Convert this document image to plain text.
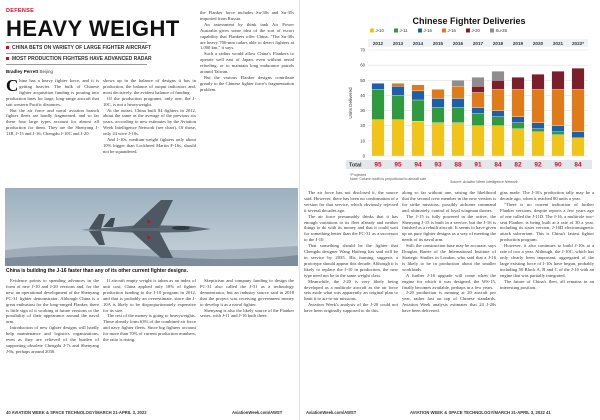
DEFENSE
HEAVY WEIGHT
CHINA BETS ON VARIETY OF LARGE FIGHTER AIRCRAFT
MOST PRODUCTION FIGHTERS HAVE ADVANCED RADAR
Bradley Perrett Beijing
C hina has a heavy fighter force, and it is getting heavier. The bulk of Chinese fighter acquisition funding is pouring into production lines for large, long-range aircraft that suit western Pacific distances.

But the air force and naval aviation branch fighter fleets are hardly fragmented, and so far these four large types account for almost all production for them. They are the Shenyang J-11B, J-15 and J-16; Chengdu J-10C and J-20.

shows up in the balance of designs it has in production, the balance of output indicators and, most decisively, the evident balance of funding.

Of the production programs, only one, the J-10C, is not a heavyweight.

At the outset, China built 84 fighters in 2012, about the same as the average of the previous six years, according to new estimates by the Aviation Week Intelligence Network (see chart). Of those, only 24 were J-10s.

And J-10s, medium-weight fighters only about 10% bigger than Lockheed Martin F-16s, should not be squandered.

the Flanker force includes Su-30s and Su-35s imported from Russia.

An assessment by think tank Air Power Australia gives some idea of the sort of escort capability that Flankers offer China. "The Su-30s are heavy 700-mm radars able to detect fighters at 1,000 km," it says.

Such a radius would allow China's Flankers to operate well east of Japan, even without aerial refueling, or to maintain long endurance patrols around Taiwan.

But the various Flanker designs contribute greatly to the Chinese fighter force's fragmentation problem.

China is building the J-16 faster than any of its other current fighter designs.

Evidence points to spending advances in the form of new J-10 and J-20 versions and, for the new, an operational development of the Shenyang FC-31 fighter demonstrator. Although China is a great enthusiast for the long-ranged Flanker, there is little sign of it working at future versions or the possibility of their appearance around the naval arm.

Introduction of new fighter designs will hardly help maintenance and logistics organizations, even as they are relieved of the burden of supporting obsolete Chengdu J-7s and Shenyang J-8s, perhaps around 2030.

If aircraft empty weight is taken as an index of unit cost, China applied only 18% of fighter production funding to the J-10 program in 2012, and that is probably an overestimate, since the J-10A is likely to be disproportionately expensive for its size.

The rest of the money is going to heavyweights. These already form 63% of the combined air force and navy fighter fleets. Since big fighters account for more than 70% of current production numbers, the ratio is rising.

Skepticism and company funding to design the FC-31 also called the J-31 as a technology demonstrator, but an industry source said in 2018 that the project was receiving government money to develop it as a naval fighter.

Shenyang is also the likely source of the Flanker series, with J-11 and J-16 built there.

Chinese Fighter Deliveries
2012 2013 2014 2015 2016 2017 2018 2019 2020 2021 2022*
J-10	J-11	J-15	J-16	J-20	Su-35
0
10
20
30
40
50
60
70
Units Delivered
Total 95 95 94 93 88 91 84 82 92 90 84
*Projected
Note: Column width is proportional to aircraft size
Source: Aviation Week Intelligence Network

The air force has not disclosed it, the source said. However, there has been no confirmation of a version for that service, which obviously rejected it several decades ago.

The air force presumably thinks that it has enough variations to its fleet already and neither things to do with its money and that it could wait for something better than the FC-31 as a successor to the J-10.

That something should be the fighter that Chengdu designer Wang Haifeng has said will be in service by 2035. His framing suggests a prototype should appear this decade. Although it is likely to replace the J-10 in production, the new type need not be in the same weight class.

Meanwhile, the J-20 is very likely being developed as a multirole aircraft as the air force sets aside what was apparently an original plan to limit it to air-to-air missions.

Aviation Week's analysis of the J-20 could not have been originally supposed to do this.

along so far without one, raising the likelihood that the second crew member in the new version is for strike missions, possibly airborne command and, ultimately, control of loyal wingman drones.

The J-15 is fully powered in the active, the Shenyang J-15 is built in a service, but the J-16 is finished as a rebuilt aircraft. It seems to have given up on pure fighter designs as a way of meeting the needs of its naval arm.

Still, the construction base may be accurate, says Douglas Barrie of the International Institute of Strategic Studies in London, who said that a J-16 is likely to be in production about the smaller workloads.

A further J-16 upgrade will come when the engine for which it was designed, the WS-15, finally becomes available, perhaps in a few years.

J-20 production is running at 20 aircraft per year, rather fast on top of Chinese standards. Aviation Week analysis estimates that 24 J-20s have been delivered.

gins made. The J-16's production tally may be a decade ago, when it reached 80 units a year.

"There is no current indication of further Flanker versions, despite reports a few years ago of one called the J-11D. The J-16, a multirole two-seat Flanker, is being built at a rate of 30 a year, including its sister version, J-16D electromagnetic attack subvariant. This is China's fastest fighter production program.

However, it also continues to build J-10s at a rate of two a year. Although, the J-10C, which has only clearly been important, aggregated of the large existing force of J-10s have begun, probably including 50 Block A, B and C of the J-10 with an engine that was partially integrated.

The future of China's fleet, all remains in an interesting position.

40 AVIATION WEEK & SPACE TECHNOLOGY/MARCH 21-APRIL 3, 2022	AviationWeek.com/AWST	AviationWeek.com/AWST	AVIATION WEEK & SPACE TECHNOLOGY/MARCH 21-APRIL 3, 2022 41
